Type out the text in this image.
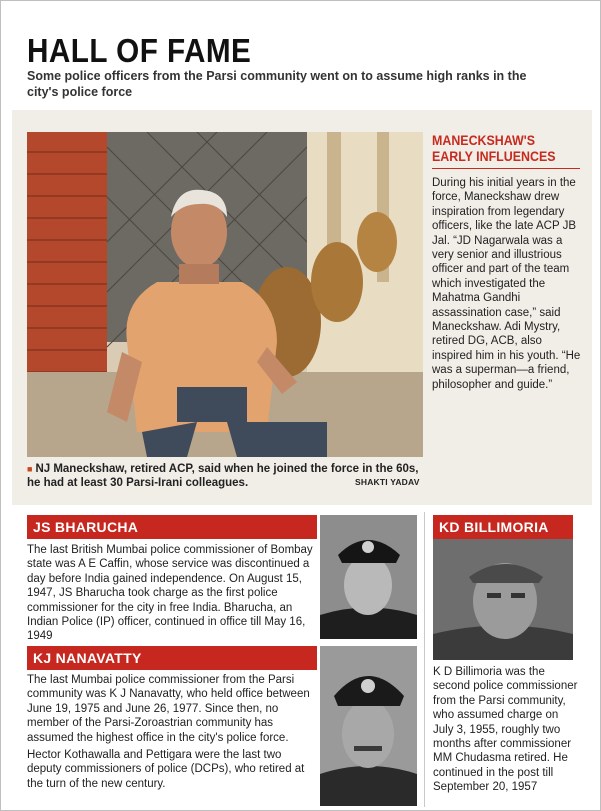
HALL OF FAME
Some police officers from the Parsi community went on to assume high ranks in the city's police force
■ NJ Maneckshaw, retired ACP, said when he joined the force in the 60s, he had at least 30 Parsi-Irani colleagues.	SHAKTI YADAV
MANECKSHAW'S EARLY INFLUENCES
During his initial years in the force, Maneckshaw drew inspiration from legendary officers, like the late ACP JB Jal. “JD Nagarwala was a very senior and illustrious officer and part of the team which investigated the Mahatma Gandhi assassination case,” said Maneckshaw. Adi Mystry, retired DG, ACB, also inspired him in his youth. “He was a superman—a friend, philosopher and guide.”
JS BHARUCHA
The last British Mumbai police commissioner of Bombay state was A E Caffin, whose service was discontinued a day before India gained independence. On August 15, 1947, JS Bharucha took charge as the first police commissioner for the city in free India. Bharucha, an Indian Police (IP) officer, continued in office till May 16, 1949
KJ NANAVATTY
The last Mumbai police commissioner from the Parsi community was K J Nanavatty, who held office between June 19, 1975 and June 26, 1977. Since then, no member of the Parsi-Zoroastrian community has assumed the highest office in the city's police force.
Hector Kothawalla and Pettigara were the last two deputy commissioners of police (DCPs), who retired at the turn of the new century.
KD BILLIMORIA
K D Billimoria was the second police commissioner from the Parsi community, who assumed charge on July 3, 1955, roughly two months after commissioner MM Chudasma retired. He continued in the post till September 20, 1957
